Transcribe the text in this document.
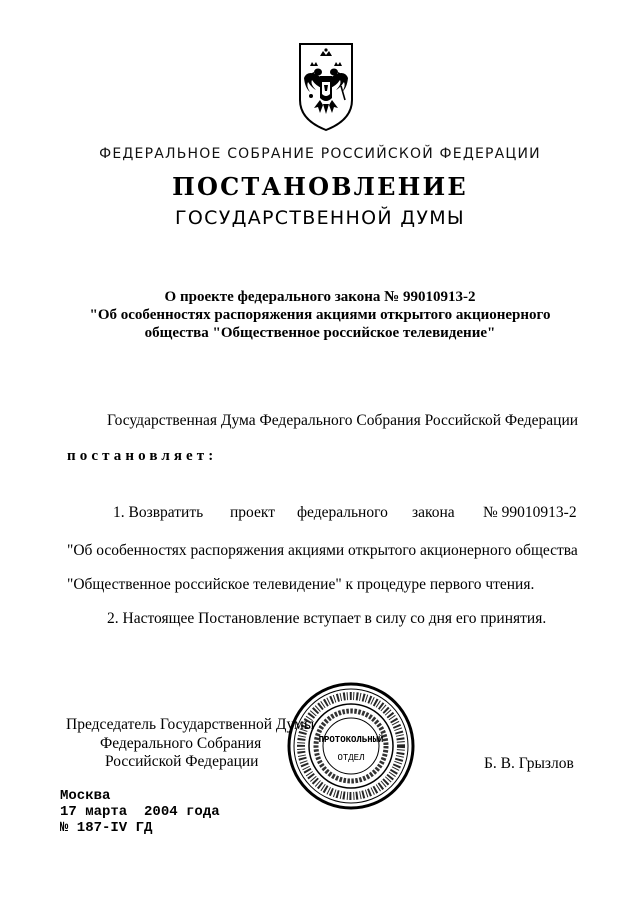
ФЕДЕРАЛЬНОЕ СОБРАНИЕ РОССИЙСКОЙ ФЕДЕРАЦИИ
ПОСТАНОВЛЕНИЕ
ГОСУДАРСТВЕННОЙ ДУМЫ
О проекте федерального закона № 99010913-2
"Об особенностях распоряжения акциями открытого акционерного
общества "Общественное российское телевидение"
Государственная Дума Федерального Собрания Российской Федерации
постановляет:
1. Возвратить проект федерального закона № 99010913-2
"Об особенностях распоряжения акциями открытого акционерного общества
"Общественное российское телевидение" к процедуре первого чтения.
2. Настоящее Постановление вступает в силу со дня его принятия.
Председатель Государственной Думы
Федерального Собрания
Российской Федерации	Б. В. Грызлов
ПРОТОКОЛЬНЫЙ
ОТДЕЛ
Москва
17 марта  2004 года
№ 187-IV ГД
